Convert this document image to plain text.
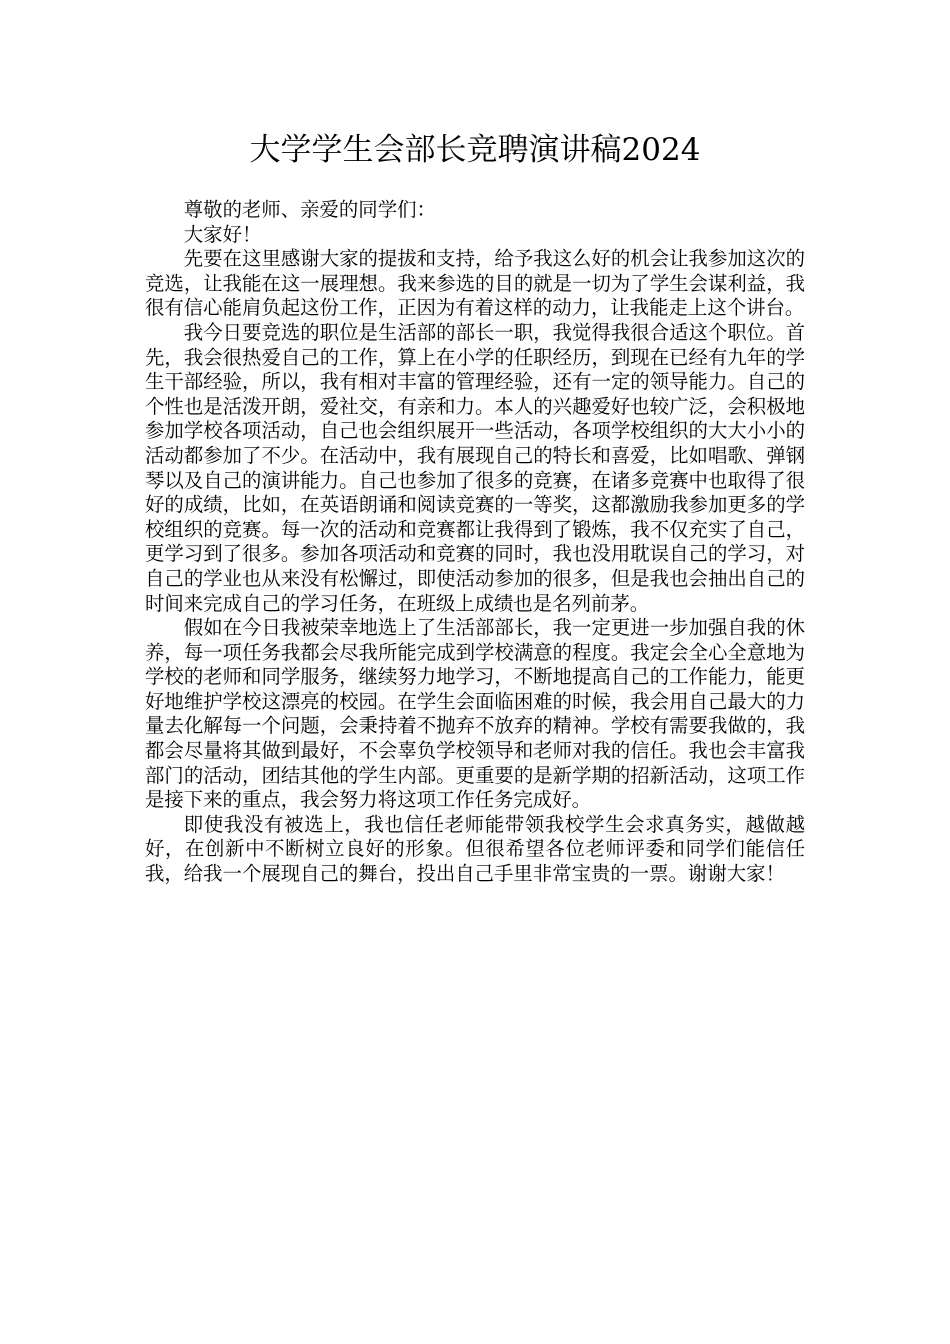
大学学生会部长竞聘演讲稿2024

尊敬的老师、亲爱的同学们：

大家好！

先要在这里感谢大家的提拔和支持，给予我这么好的机会让我参加这次的竞选，让我能在这一展理想。我来参选的目的就是一切为了学生会谋利益，我很有信心能肩负起这份工作，正因为有着这样的动力，让我能走上这个讲台。

我今日要竞选的职位是生活部的部长一职，我觉得我很合适这个职位。首先，我会很热爱自己的工作，算上在小学的任职经历，到现在已经有九年的学生干部经验，所以，我有相对丰富的管理经验，还有一定的领导能力。自己的个性也是活泼开朗，爱社交，有亲和力。本人的兴趣爱好也较广泛，会积极地参加学校各项活动，自己也会组织展开一些活动，各项学校组织的大大小小的活动都参加了不少。在活动中，我有展现自己的特长和喜爱，比如唱歌、弹钢琴以及自己的演讲能力。自己也参加了很多的竞赛，在诸多竞赛中也取得了很好的成绩，比如，在英语朗诵和阅读竞赛的一等奖，这都激励我参加更多的学校组织的竞赛。每一次的活动和竞赛都让我得到了锻炼，我不仅充实了自己，更学习到了很多。参加各项活动和竞赛的同时，我也没用耽误自己的学习，对自己的学业也从来没有松懈过，即使活动参加的很多，但是我也会抽出自己的时间来完成自己的学习任务，在班级上成绩也是名列前茅。

假如在今日我被荣幸地选上了生活部部长，我一定更进一步加强自我的休养，每一项任务我都会尽我所能完成到学校满意的程度。我定会全心全意地为学校的老师和同学服务，继续努力地学习，不断地提高自己的工作能力，能更好地维护学校这漂亮的校园。在学生会面临困难的时候，我会用自己最大的力量去化解每一个问题，会秉持着不抛弃不放弃的精神。学校有需要我做的，我都会尽量将其做到最好，不会辜负学校领导和老师对我的信任。我也会丰富我部门的活动，团结其他的学生内部。更重要的是新学期的招新活动，这项工作是接下来的重点，我会努力将这项工作任务完成好。

即使我没有被选上，我也信任老师能带领我校学生会求真务实，越做越好，在创新中不断树立良好的形象。但很希望各位老师评委和同学们能信任我，给我一个展现自己的舞台，投出自己手里非常宝贵的一票。谢谢大家！
